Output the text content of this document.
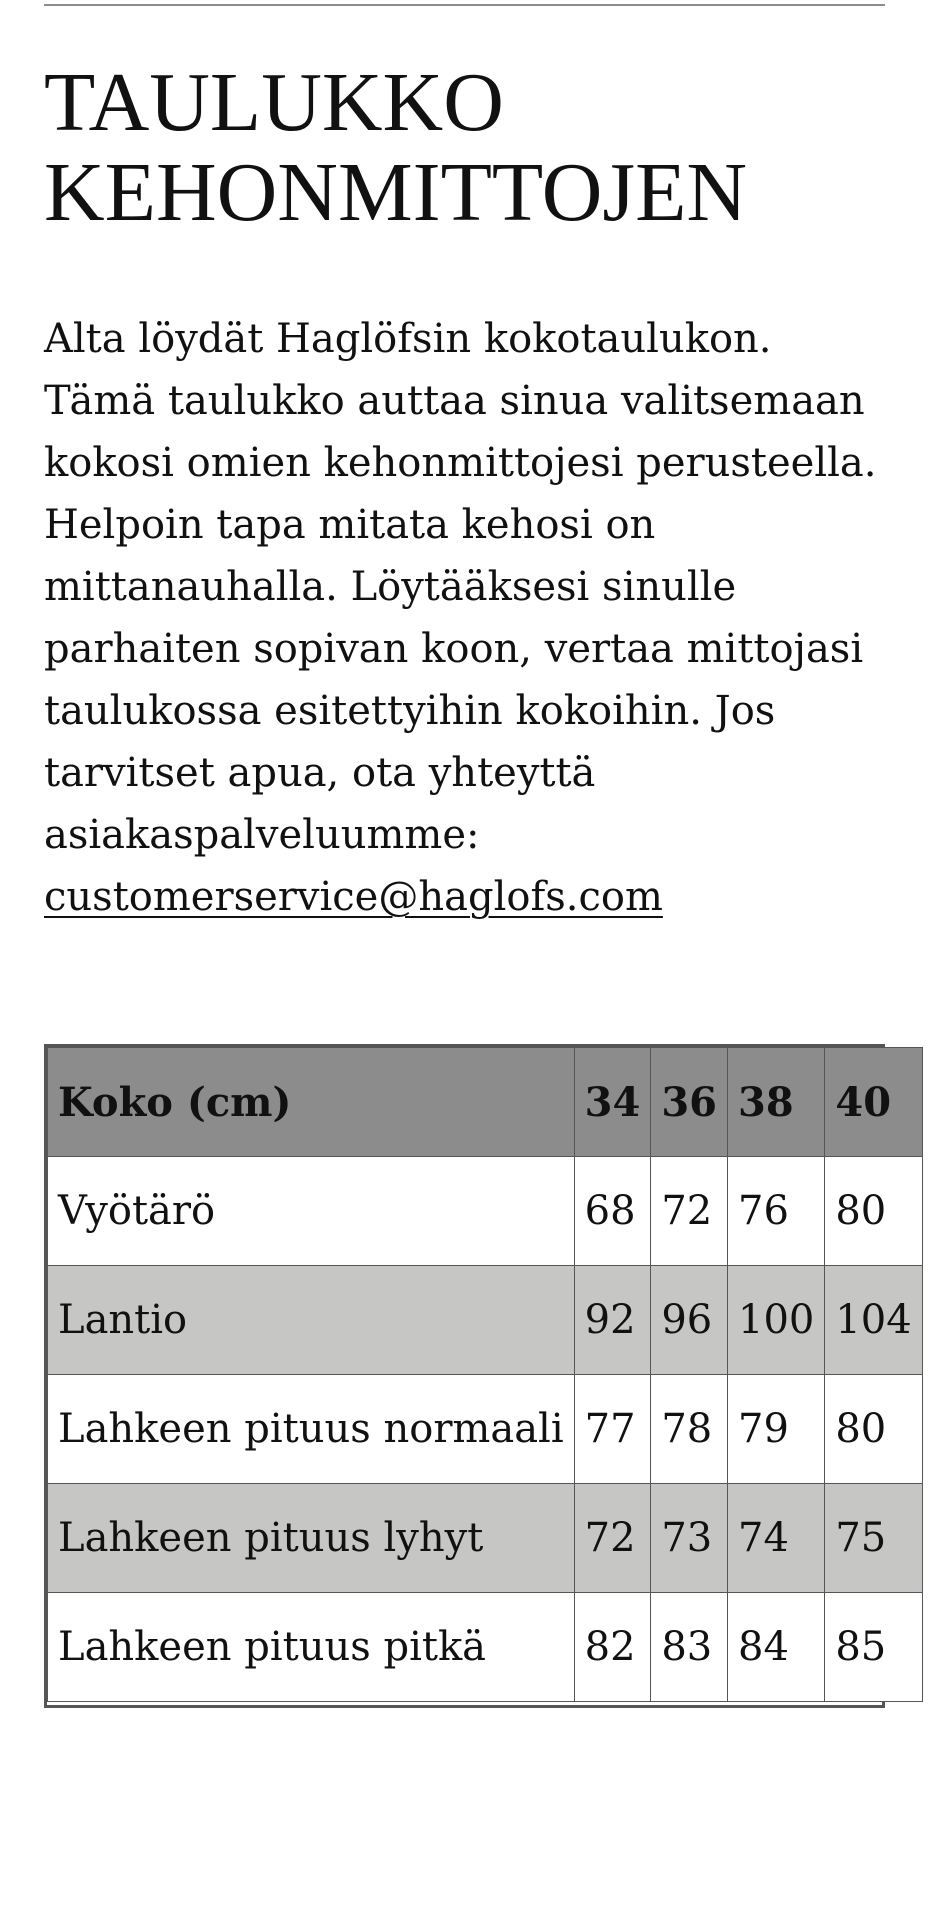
TAULUKKO
KEHONMITTOJEN

Alta löydät Haglöfsin kokotaulukon. Tämä taulukko auttaa sinua valitsemaan kokosi omien kehonmittojesi perusteella. Helpoin tapa mitata kehosi on mittanauhalla. Löytääksesi sinulle parhaiten sopivan koon, vertaa mittojasi taulukossa esitettyihin kokoihin. Jos tarvitset apua, ota yhteyttä asiakaspalveluumme: customerservice@haglofs.com

Koko (cm)	34	36	38	40
Vyötärö	68	72	76	80
Lantio	92	96	100	104
Lahkeen pituus normaali	77	78	79	80
Lahkeen pituus lyhyt	72	73	74	75
Lahkeen pituus pitkä	82	83	84	85
